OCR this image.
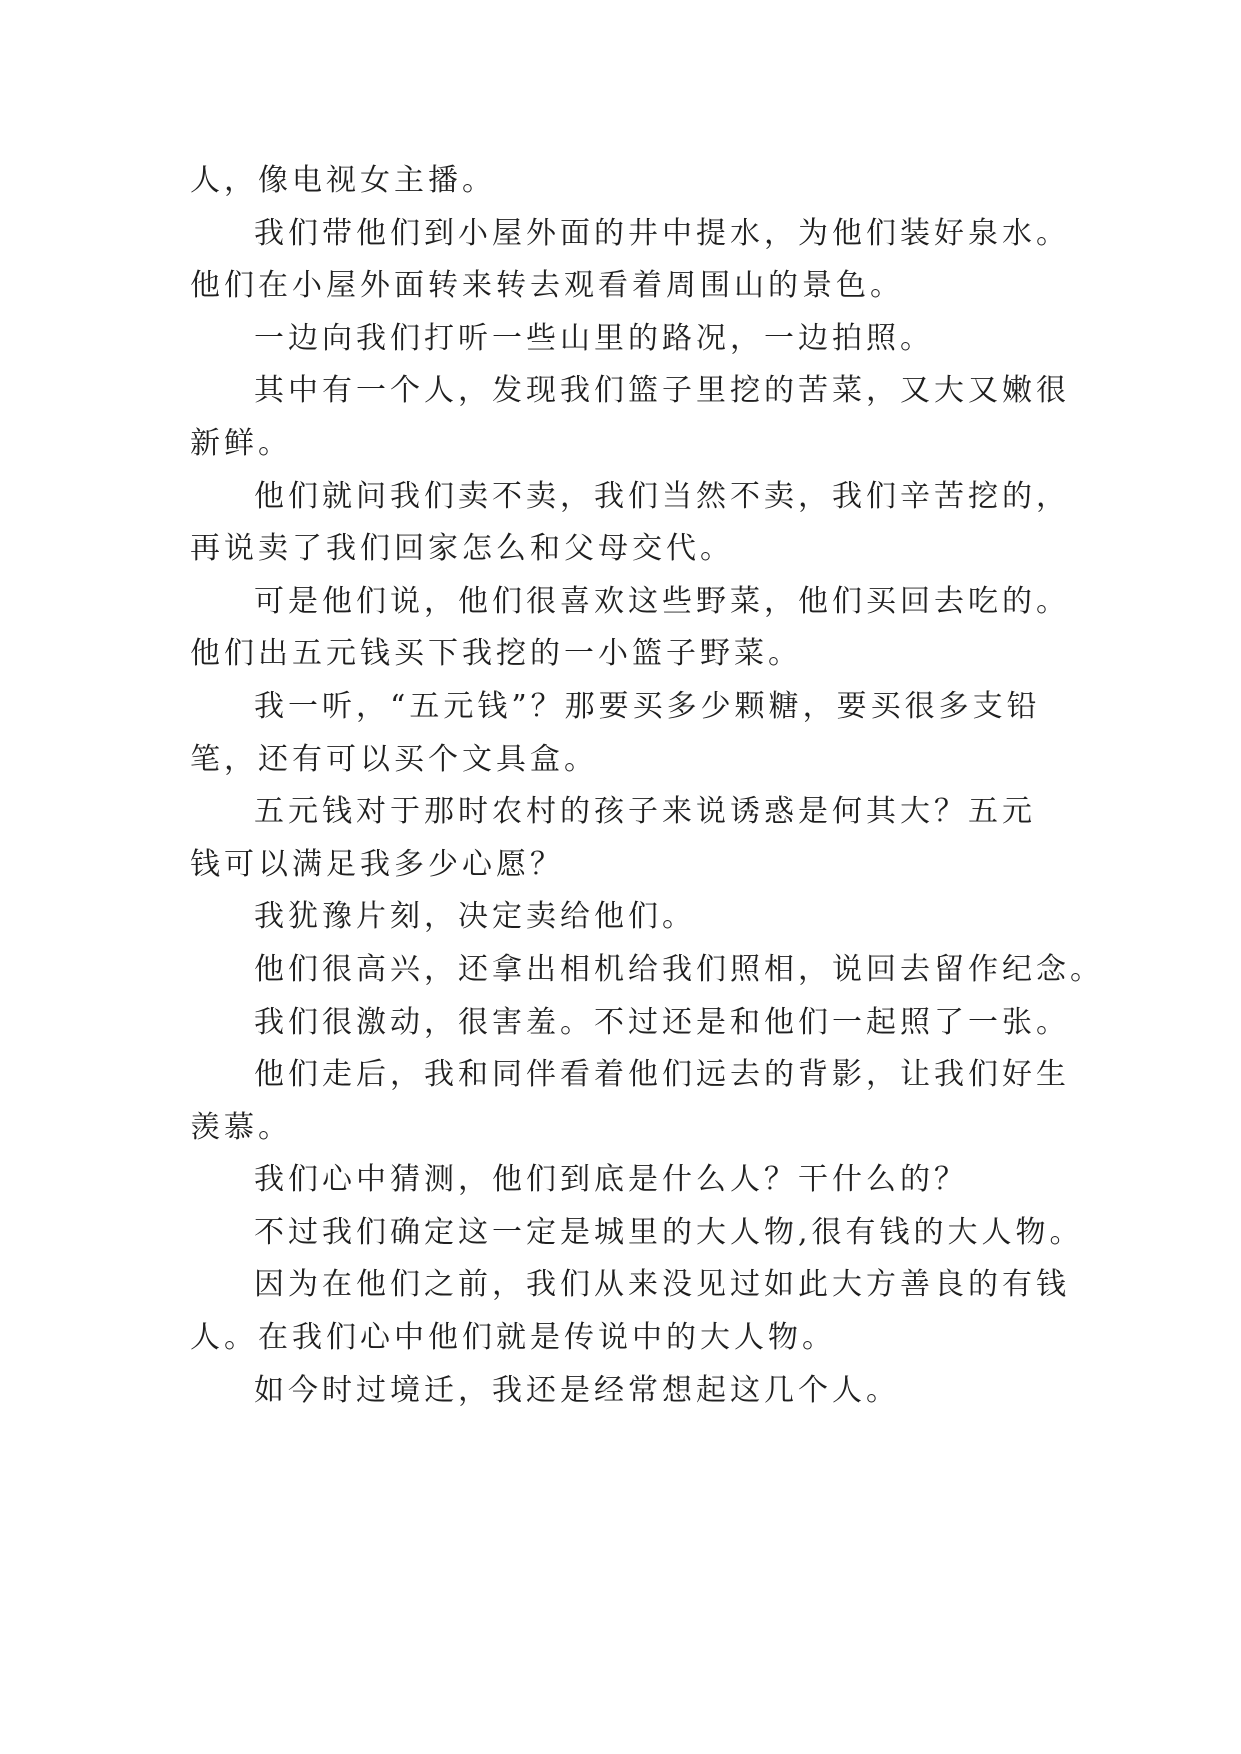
人，像电视女主播。
我们带他们到小屋外面的井中提水，为他们装好泉水。
他们在小屋外面转来转去观看着周围山的景色。
一边向我们打听一些山里的路况，一边拍照。
其中有一个人，发现我们篮子里挖的苦菜，又大又嫩很
新鲜。
他们就问我们卖不卖，我们当然不卖，我们辛苦挖的，
再说卖了我们回家怎么和父母交代。
可是他们说，他们很喜欢这些野菜，他们买回去吃的。
他们出五元钱买下我挖的一小篮子野菜。
我一听，“五元钱”？那要买多少颗糖，要买很多支铅
笔，还有可以买个文具盒。
五元钱对于那时农村的孩子来说诱惑是何其大？五元
钱可以满足我多少心愿？
我犹豫片刻，决定卖给他们。
他们很高兴，还拿出相机给我们照相，说回去留作纪念。
我们很激动，很害羞。不过还是和他们一起照了一张。
他们走后，我和同伴看着他们远去的背影，让我们好生
羡慕。
我们心中猜测，他们到底是什么人？干什么的？
不过我们确定这一定是城里的大人物,很有钱的大人物。
因为在他们之前，我们从来没见过如此大方善良的有钱
人。在我们心中他们就是传说中的大人物。
如今时过境迁，我还是经常想起这几个人。
